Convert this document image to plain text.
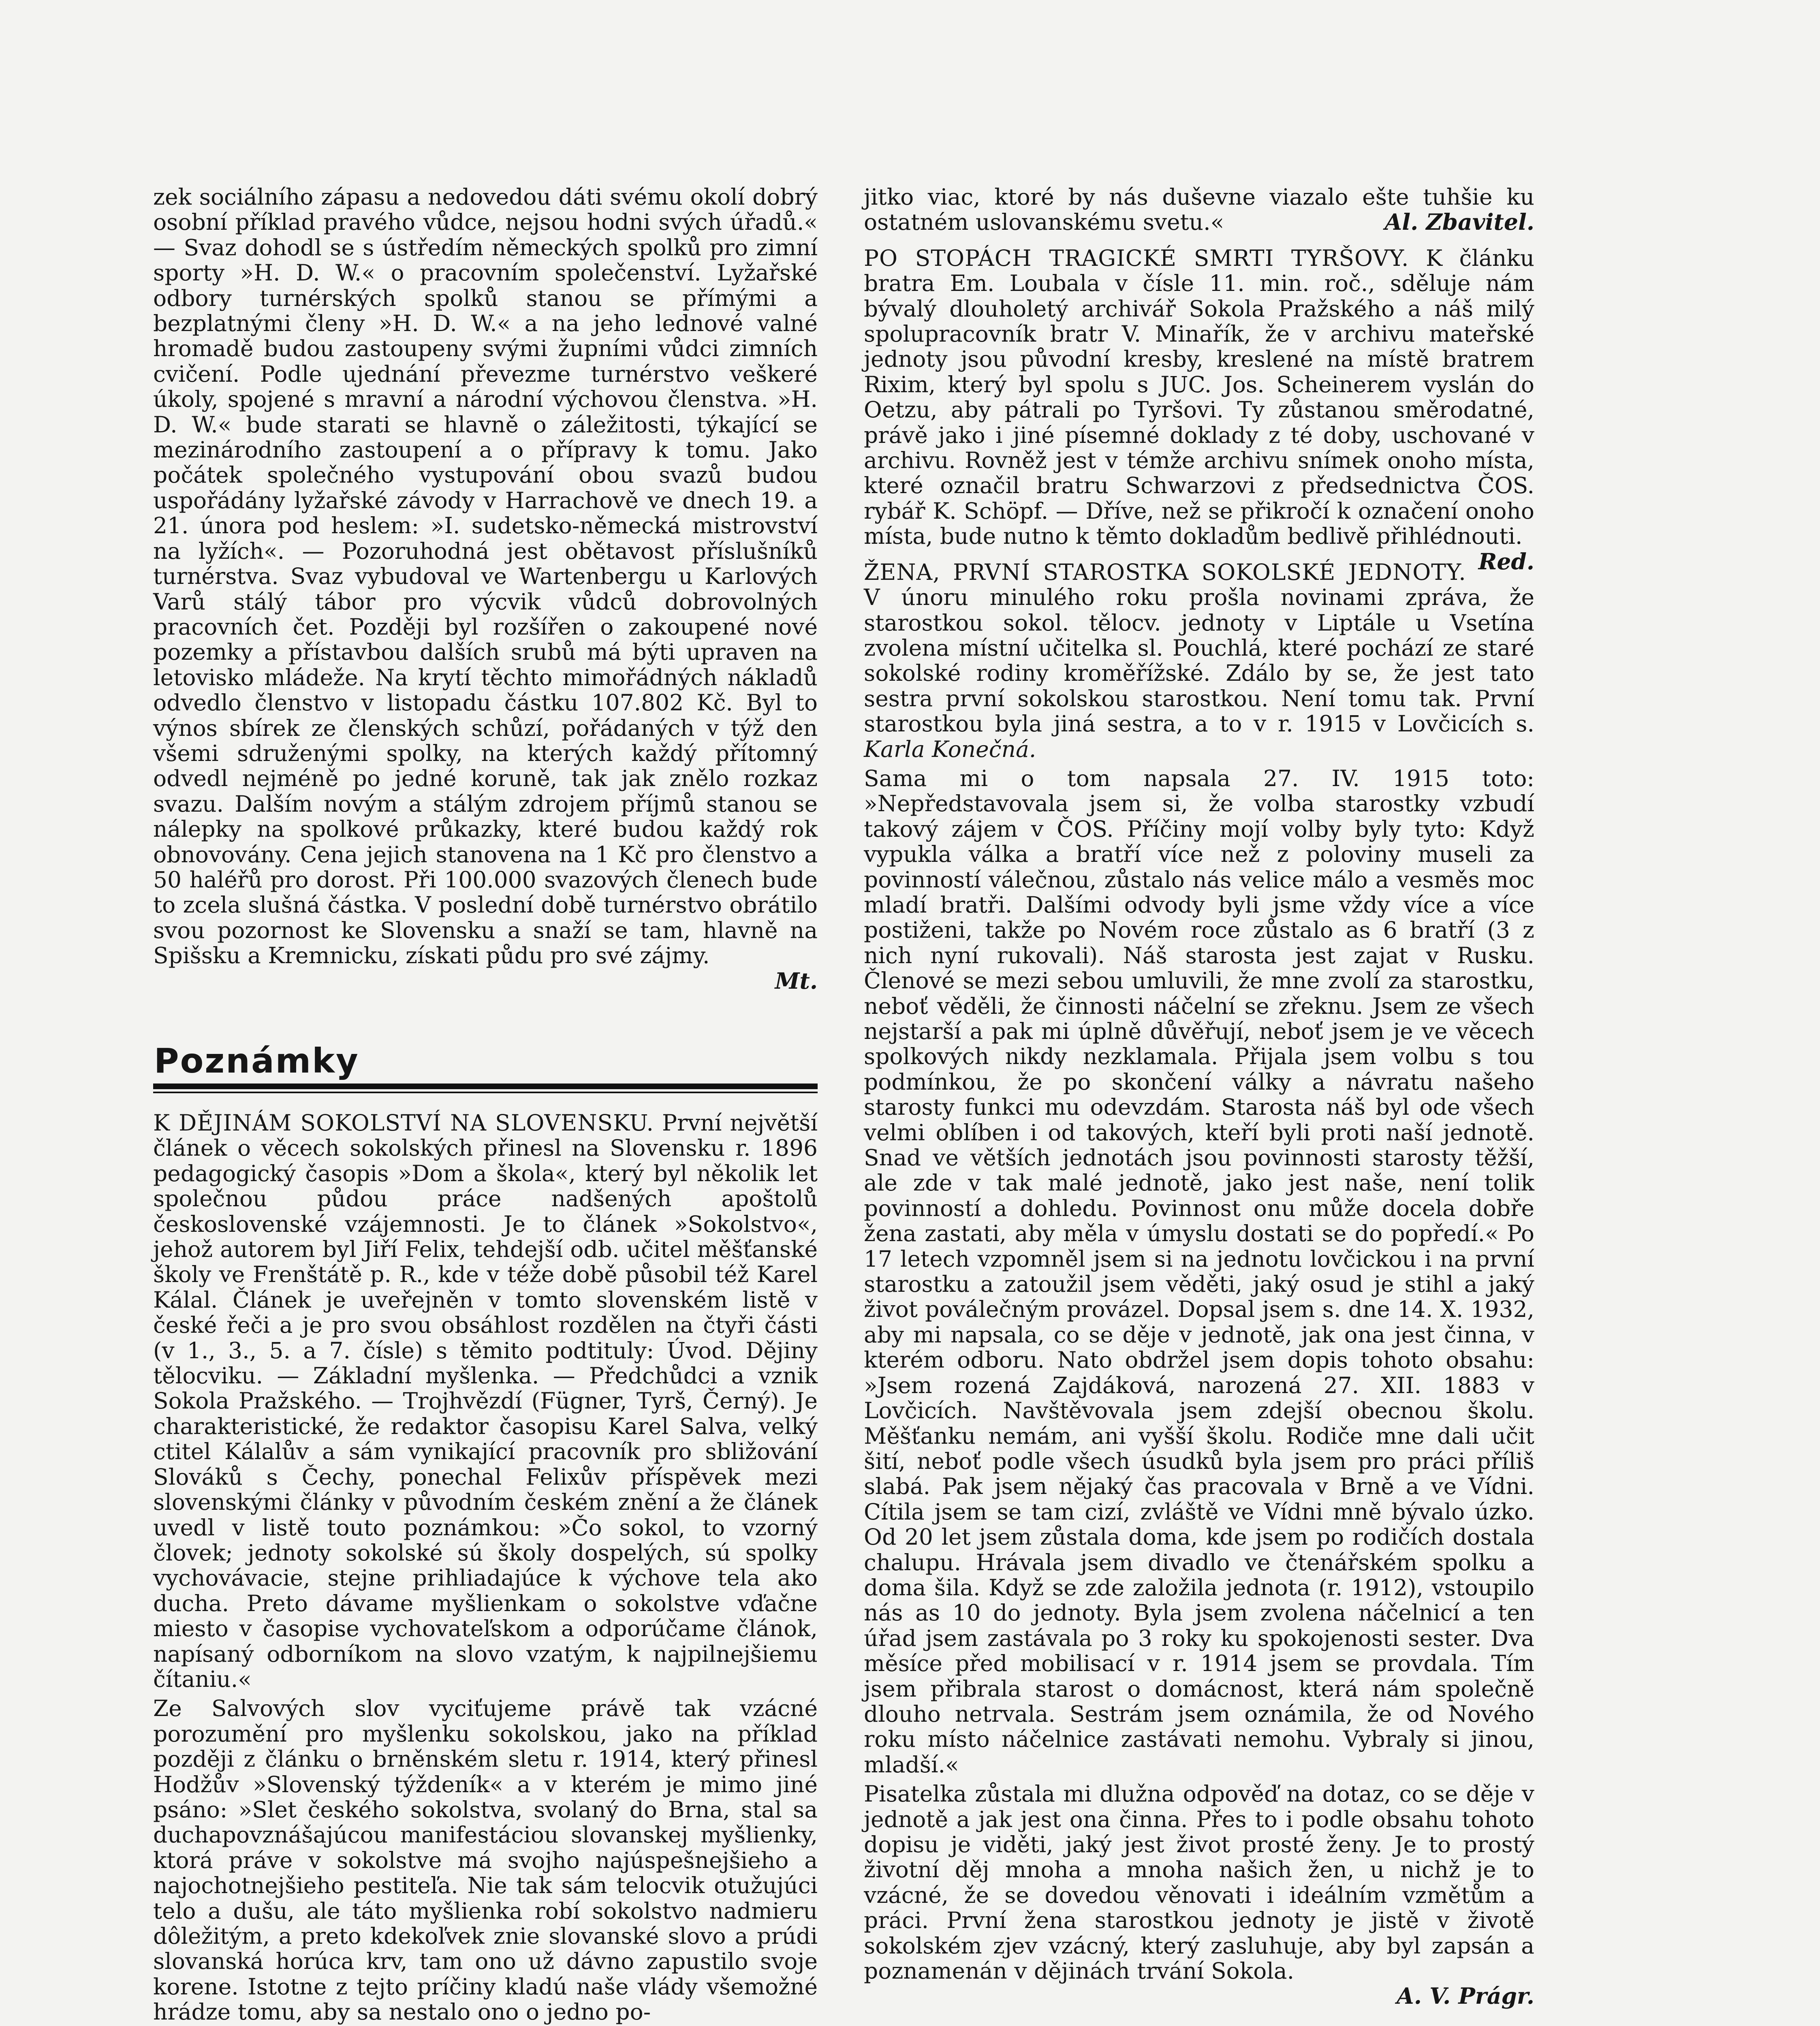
zek sociálního zápasu a nedovedou dáti svému okolí dobrý osobní příklad pravého vůdce, nejsou hodni svých úřadů.« — Svaz dohodl se s ústředím německých spolků pro zimní sporty »H. D. W.« o pracovním společenství. Lyžařské odbory turnérských spolků stanou se přímými a bezplatnými členy »H. D. W.« a na jeho lednové valné hromadě budou zastoupeny svými župními vůdci zimních cvičení. Podle ujednání převezme turnérstvo veškeré úkoly, spojené s mravní a národní výchovou členstva. »H. D. W.« bude starati se hlavně o záležitosti, týkající se mezinárodního zastoupení a o přípravy k tomu. Jako počátek společného vystupování obou svazů budou uspořádány lyžařské závody v Harrachově ve dnech 19. a 21. února pod heslem: »I. sudetsko-německá mistrovství na lyžích«. — Pozoruhodná jest obětavost příslušníků turnérstva. Svaz vybudoval ve Wartenbergu u Karlových Varů stálý tábor pro výcvik vůdců dobrovolných pracovních čet. Později byl rozšířen o zakoupené nové pozemky a přístavbou dalších srubů má býti upraven na letovisko mládeže. Na krytí těchto mimořádných nákladů odvedlo členstvo v listopadu částku 107.802 Kč. Byl to výnos sbírek ze členských schůzí, pořádaných v týž den všemi sdruženými spolky, na kterých každý přítomný odvedl nejméně po jedné koruně, tak jak znělo rozkaz svazu. Dalším novým a stálým zdrojem příjmů stanou se nálepky na spolkové průkazky, které budou každý rok obnovovány. Cena jejich stanovena na 1 Kč pro členstvo a 50 haléřů pro dorost. Při 100.000 svazových členech bude to zcela slušná částka. V poslední době turnérstvo obrátilo svou pozornost ke Slovensku a snaží se tam, hlavně na Spišsku a Kremnicku, získati půdu pro své zájmy.

Mt.

Poznámky

K DĚJINÁM SOKOLSTVÍ NA SLOVENSKU. První největší článek o věcech sokolských přinesl na Slovensku r. 1896 pedagogický časopis »Dom a škola«, který byl několik let společnou půdou práce nadšených apoštolů československé vzájemnosti. Je to článek »Sokolstvo«, jehož autorem byl Jiří Felix, tehdejší odb. učitel měšťanské školy ve Frenštátě p. R., kde v téže době působil též Karel Kálal. Článek je uveřejněn v tomto slovenském listě v české řeči a je pro svou obsáhlost rozdělen na čtyři části (v 1., 3., 5. a 7. čísle) s těmito podtituly: Úvod. Dějiny tělocviku. — Základní myšlenka. — Předchůdci a vznik Sokola Pražského. — Trojhvězdí (Fügner, Tyrš, Černý). Je charakteristické, že redaktor časopisu Karel Salva, velký ctitel Kálalův a sám vynikající pracovník pro sbližování Slováků s Čechy, ponechal Felixův příspěvek mezi slovenskými články v původním českém znění a že článek uvedl v listě touto poznámkou: »Čo sokol, to vzorný človek; jednoty sokolské sú školy dospelých, sú spolky vychovávacie, stejne prihliadajúce k výchove tela ako ducha. Preto dávame myšlienkam o sokolstve vďačne miesto v časopise vychovateľskom a odporúčame článok, napísaný odborníkom na slovo vzatým, k najpilnejšiemu čítaniu.«

Ze Salvových slov vyciťujeme právě tak vzácné porozumění pro myšlenku sokolskou, jako na příklad později z článku o brněnském sletu r. 1914, který přinesl Hodžův »Slovenský týždeník« a v kterém je mimo jiné psáno: »Slet českého sokolstva, svolaný do Brna, stal sa duchapovznášajúcou manifestáciou slovanskej myšlienky, ktorá práve v sokolstve má svojho najúspešnejšieho a najochotnejšieho pestiteľa. Nie tak sám telocvik otužujúci telo a dušu, ale táto myšlienka robí sokolstvo nadmieru dôležitým, a preto kdekoľvek znie slovanské slovo a prúdi slovanská horúca krv, tam ono už dávno zapustilo svoje korene. Istotne z tejto príčiny kladú naše vlády všemožné hrádze tomu, aby sa nestalo ono o jedno po-

jitko viac, ktoré by nás duševne viazalo ešte tuhšie ku ostatném uslovanskému svetu.«	Al. Zbavitel.

PO STOPÁCH TRAGICKÉ SMRTI TYRŠOVY. K článku bratra Em. Loubala v čísle 11. min. roč., sděluje nám bývalý dlouholetý archivář Sokola Pražského a náš milý spolupracovník bratr V. Minařík, že v archivu mateřské jednoty jsou původní kresby, kreslené na místě bratrem Rixim, který byl spolu s JUC. Jos. Scheinerem vyslán do Oetzu, aby pátrali po Tyršovi. Ty zůstanou směrodatné, právě jako i jiné písemné doklady z té doby, uschované v archivu. Rovněž jest v témže archivu snímek onoho místa, které označil bratru Schwarzovi z předsednictva ČOS. rybář K. Schöpf. — Dříve, než se přikročí k označení onoho místa, bude nutno k těmto dokladům bedlivě přihlédnouti.
Red.

ŽENA, PRVNÍ STAROSTKA SOKOLSKÉ JEDNOTY. V únoru minulého roku prošla novinami zpráva, že starostkou sokol. tělocv. jednoty v Liptále u Vsetína zvolena místní učitelka sl. Pouchlá, které pochází ze staré sokolské rodiny kroměřížské. Zdálo by se, že jest tato sestra první sokolskou starostkou. Není tomu tak. První starostkou byla jiná sestra, a to v r. 1915 v Lovčicích s. Karla Konečná.

Sama mi o tom napsala 27. IV. 1915 toto: »Nepředstavovala jsem si, že volba starostky vzbudí takový zájem v ČOS. Příčiny mojí volby byly tyto: Když vypukla válka a bratří více než z poloviny museli za povinností válečnou, zůstalo nás velice málo a vesměs moc mladí bratři. Dalšími odvody byli jsme vždy více a více postiženi, takže po Novém roce zůstalo as 6 bratří (3 z nich nyní rukovali). Náš starosta jest zajat v Rusku. Členové se mezi sebou umluvili, že mne zvolí za starostku, neboť věděli, že činnosti náčelní se zřeknu. Jsem ze všech nejstarší a pak mi úplně důvěřují, neboť jsem je ve věcech spolkových nikdy nezklamala. Přijala jsem volbu s tou podmínkou, že po skončení války a návratu našeho starosty funkci mu odevzdám. Starosta náš byl ode všech velmi oblíben i od takových, kteří byli proti naší jednotě. Snad ve větších jednotách jsou povinnosti starosty těžší, ale zde v tak malé jednotě, jako jest naše, není tolik povinností a dohledu. Povinnost onu může docela dobře žena zastati, aby měla v úmyslu dostati se do popředí.« Po 17 letech vzpomněl jsem si na jednotu lovčickou i na první starostku a zatoužil jsem věděti, jaký osud je stihl a jaký život poválečným provázel. Dopsal jsem s. dne 14. X. 1932, aby mi napsala, co se děje v jednotě, jak ona jest činna, v kterém odboru. Nato obdržel jsem dopis tohoto obsahu: »Jsem rozená Zajdáková, narozená 27. XII. 1883 v Lovčicích. Navštěvovala jsem zdejší obecnou školu. Měšťanku nemám, ani vyšší školu. Rodiče mne dali učit šití, neboť podle všech úsudků byla jsem pro práci příliš slabá. Pak jsem nějaký čas pracovala v Brně a ve Vídni. Cítila jsem se tam cizí, zvláště ve Vídni mně bývalo úzko. Od 20 let jsem zůstala doma, kde jsem po rodičích dostala chalupu. Hrávala jsem divadlo ve čtenářském spolku a doma šila. Když se zde založila jednota (r. 1912), vstoupilo nás as 10 do jednoty. Byla jsem zvolena náčelnicí a ten úřad jsem zastávala po 3 roky ku spokojenosti sester. Dva měsíce před mobilisací v r. 1914 jsem se provdala. Tím jsem přibrala starost o domácnost, která nám společně dlouho netrvala. Sestrám jsem oznámila, že od Nového roku místo náčelnice zastávati nemohu. Vybraly si jinou, mladší.«

Pisatelka zůstala mi dlužna odpověď na dotaz, co se děje v jednotě a jak jest ona činna. Přes to i podle obsahu tohoto dopisu je viděti, jaký jest život prosté ženy. Je to prostý životní děj mnoha a mnoha našich žen, u nichž je to vzácné, že se dovedou věnovati i ideálním vzmětům a práci. První žena starostkou jednoty je jistě v životě sokolském zjev vzácný, který zasluhuje, aby byl zapsán a poznamenán v dějinách trvání Sokola.

A. V. Prágr.
